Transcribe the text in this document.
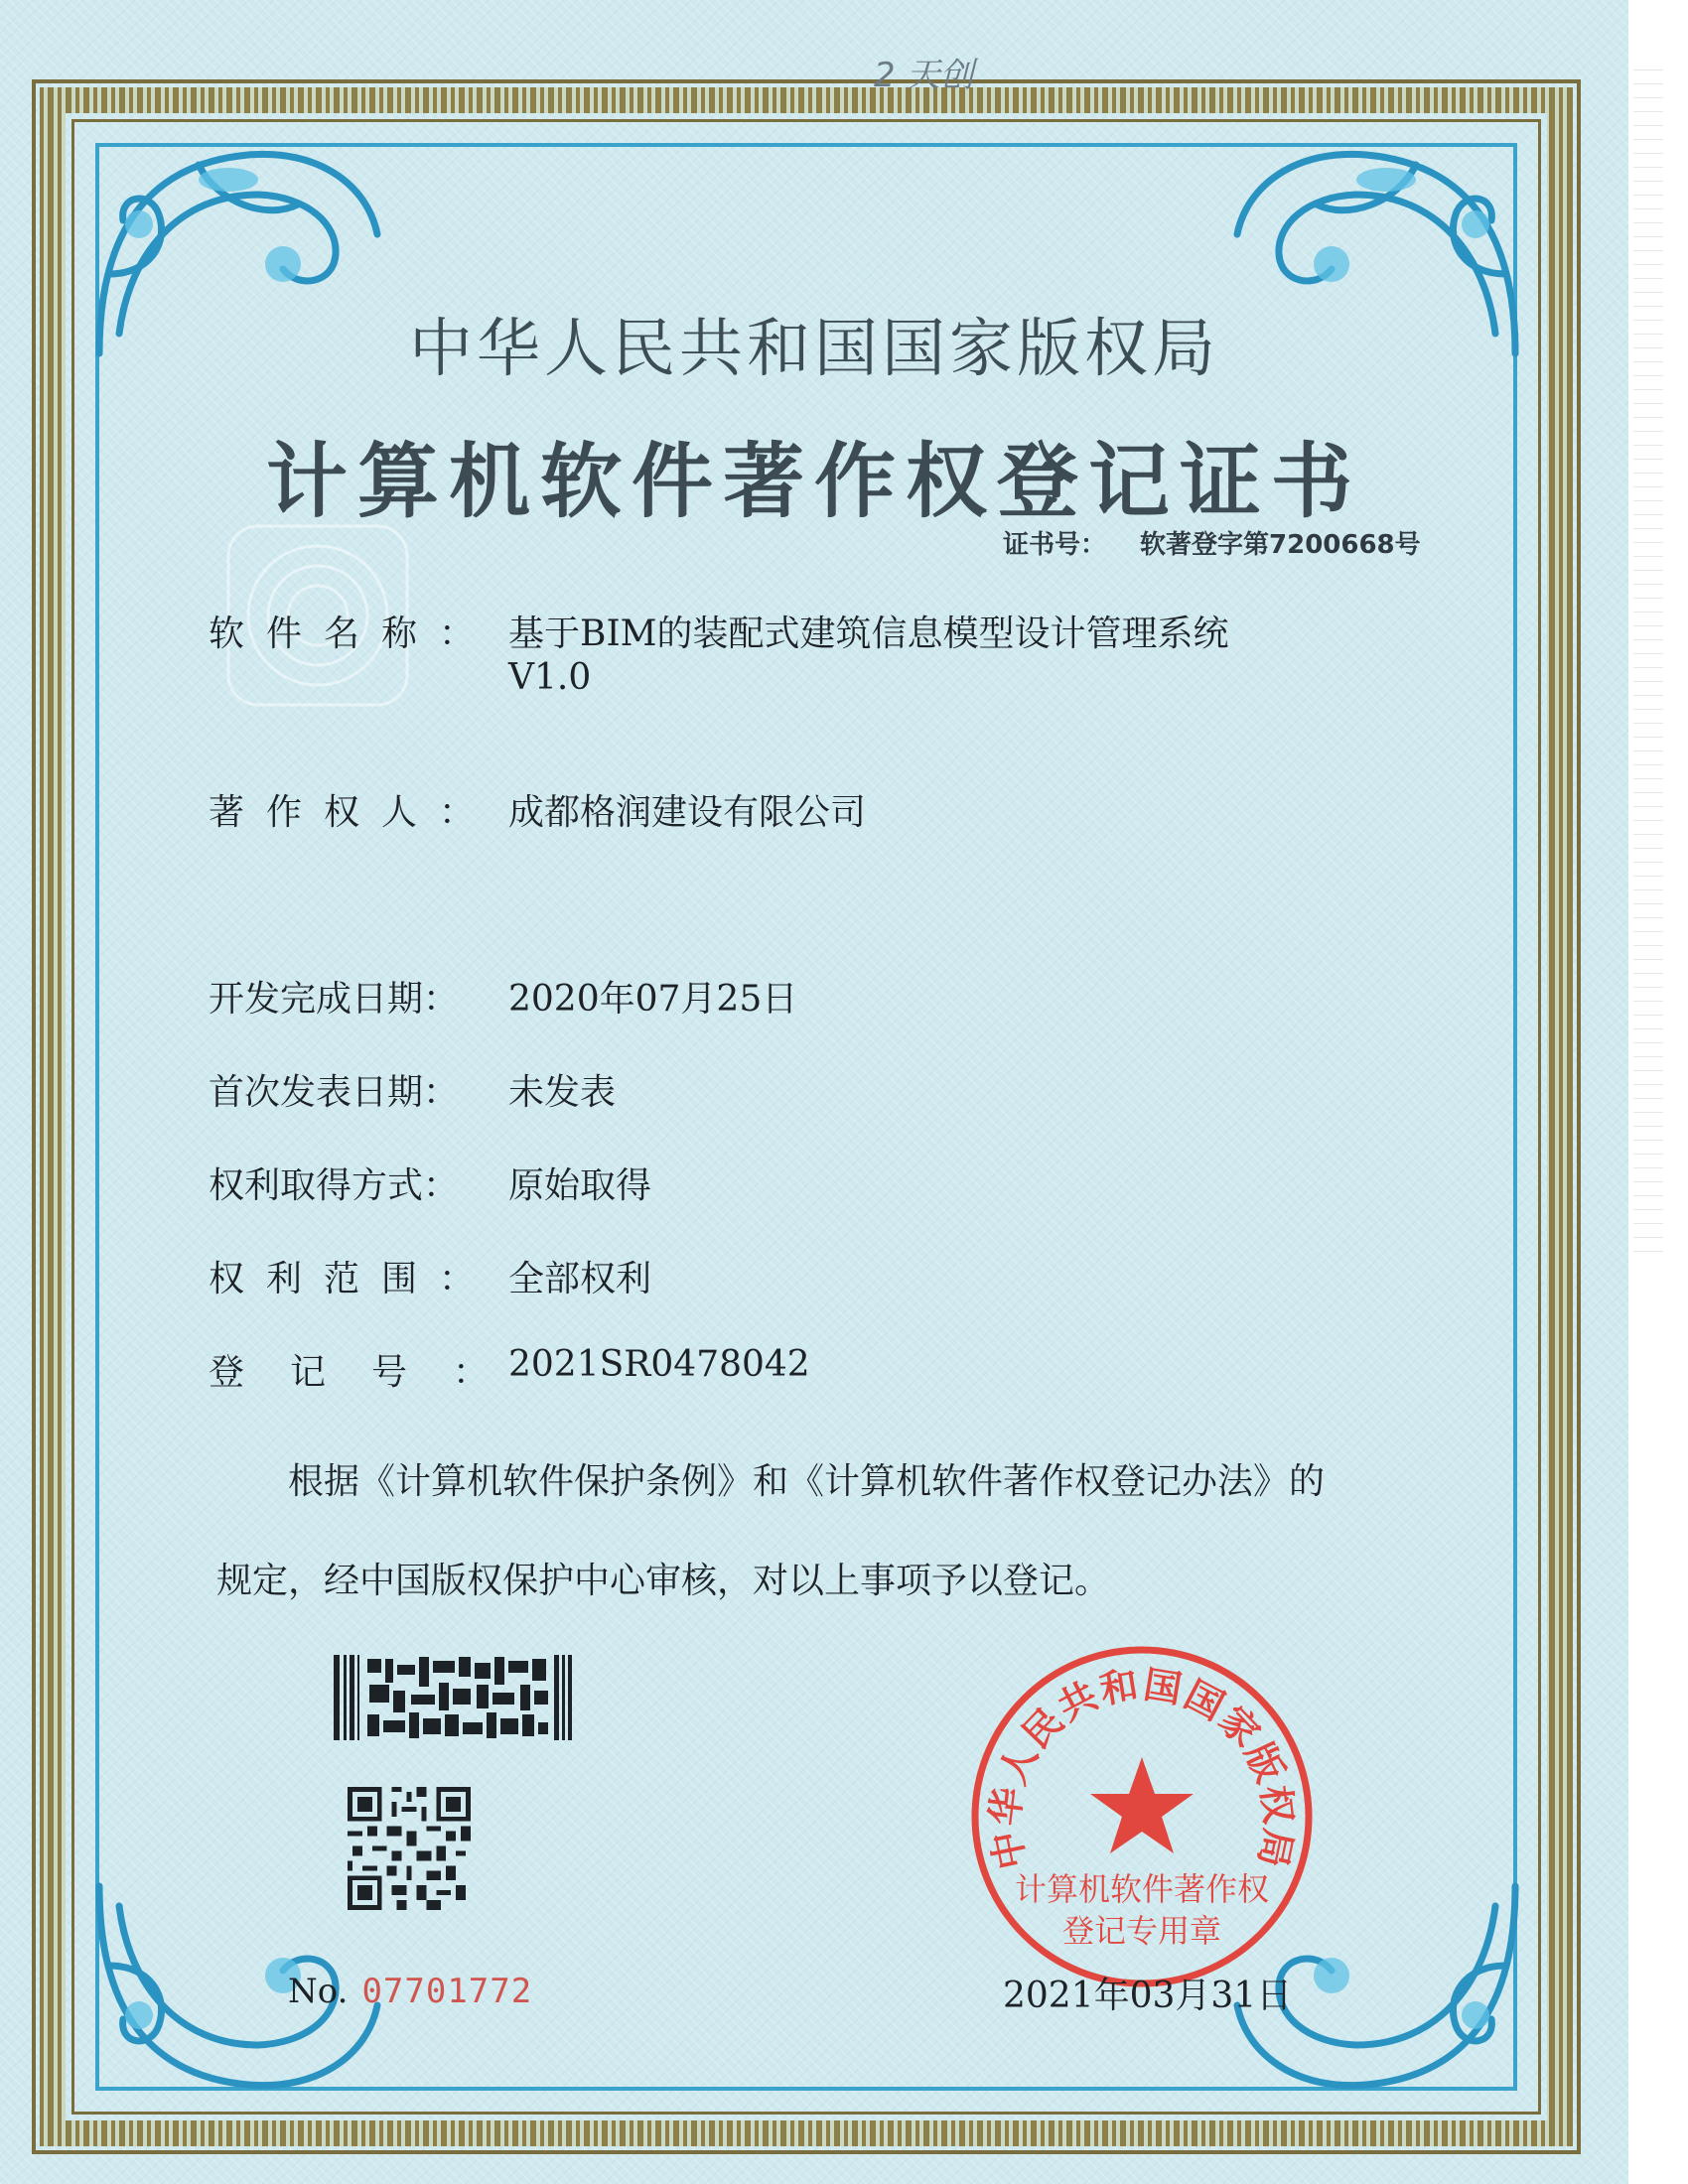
2 天创
中华人民共和国国家版权局
计算机软件著作权登记证书
证书号： 软著登字第7200668号
软件名称： 基于BIM的装配式建筑信息模型设计管理系统
V1.0
著作权人： 成都格润建设有限公司
开发完成日期：	2020年07月25日
首次发表日期：	未发表
权利取得方式：	原始取得
权利范围： 全部权利
登记号：
2021SR0478042
根据《计算机软件保护条例》和《计算机软件著作权登记办法》的
规定，经中国版权保护中心审核，对以上事项予以登记。
No. 07701772
中华人民共和国国家版权局
计算机软件著作权
登记专用章
2021年03月31日
